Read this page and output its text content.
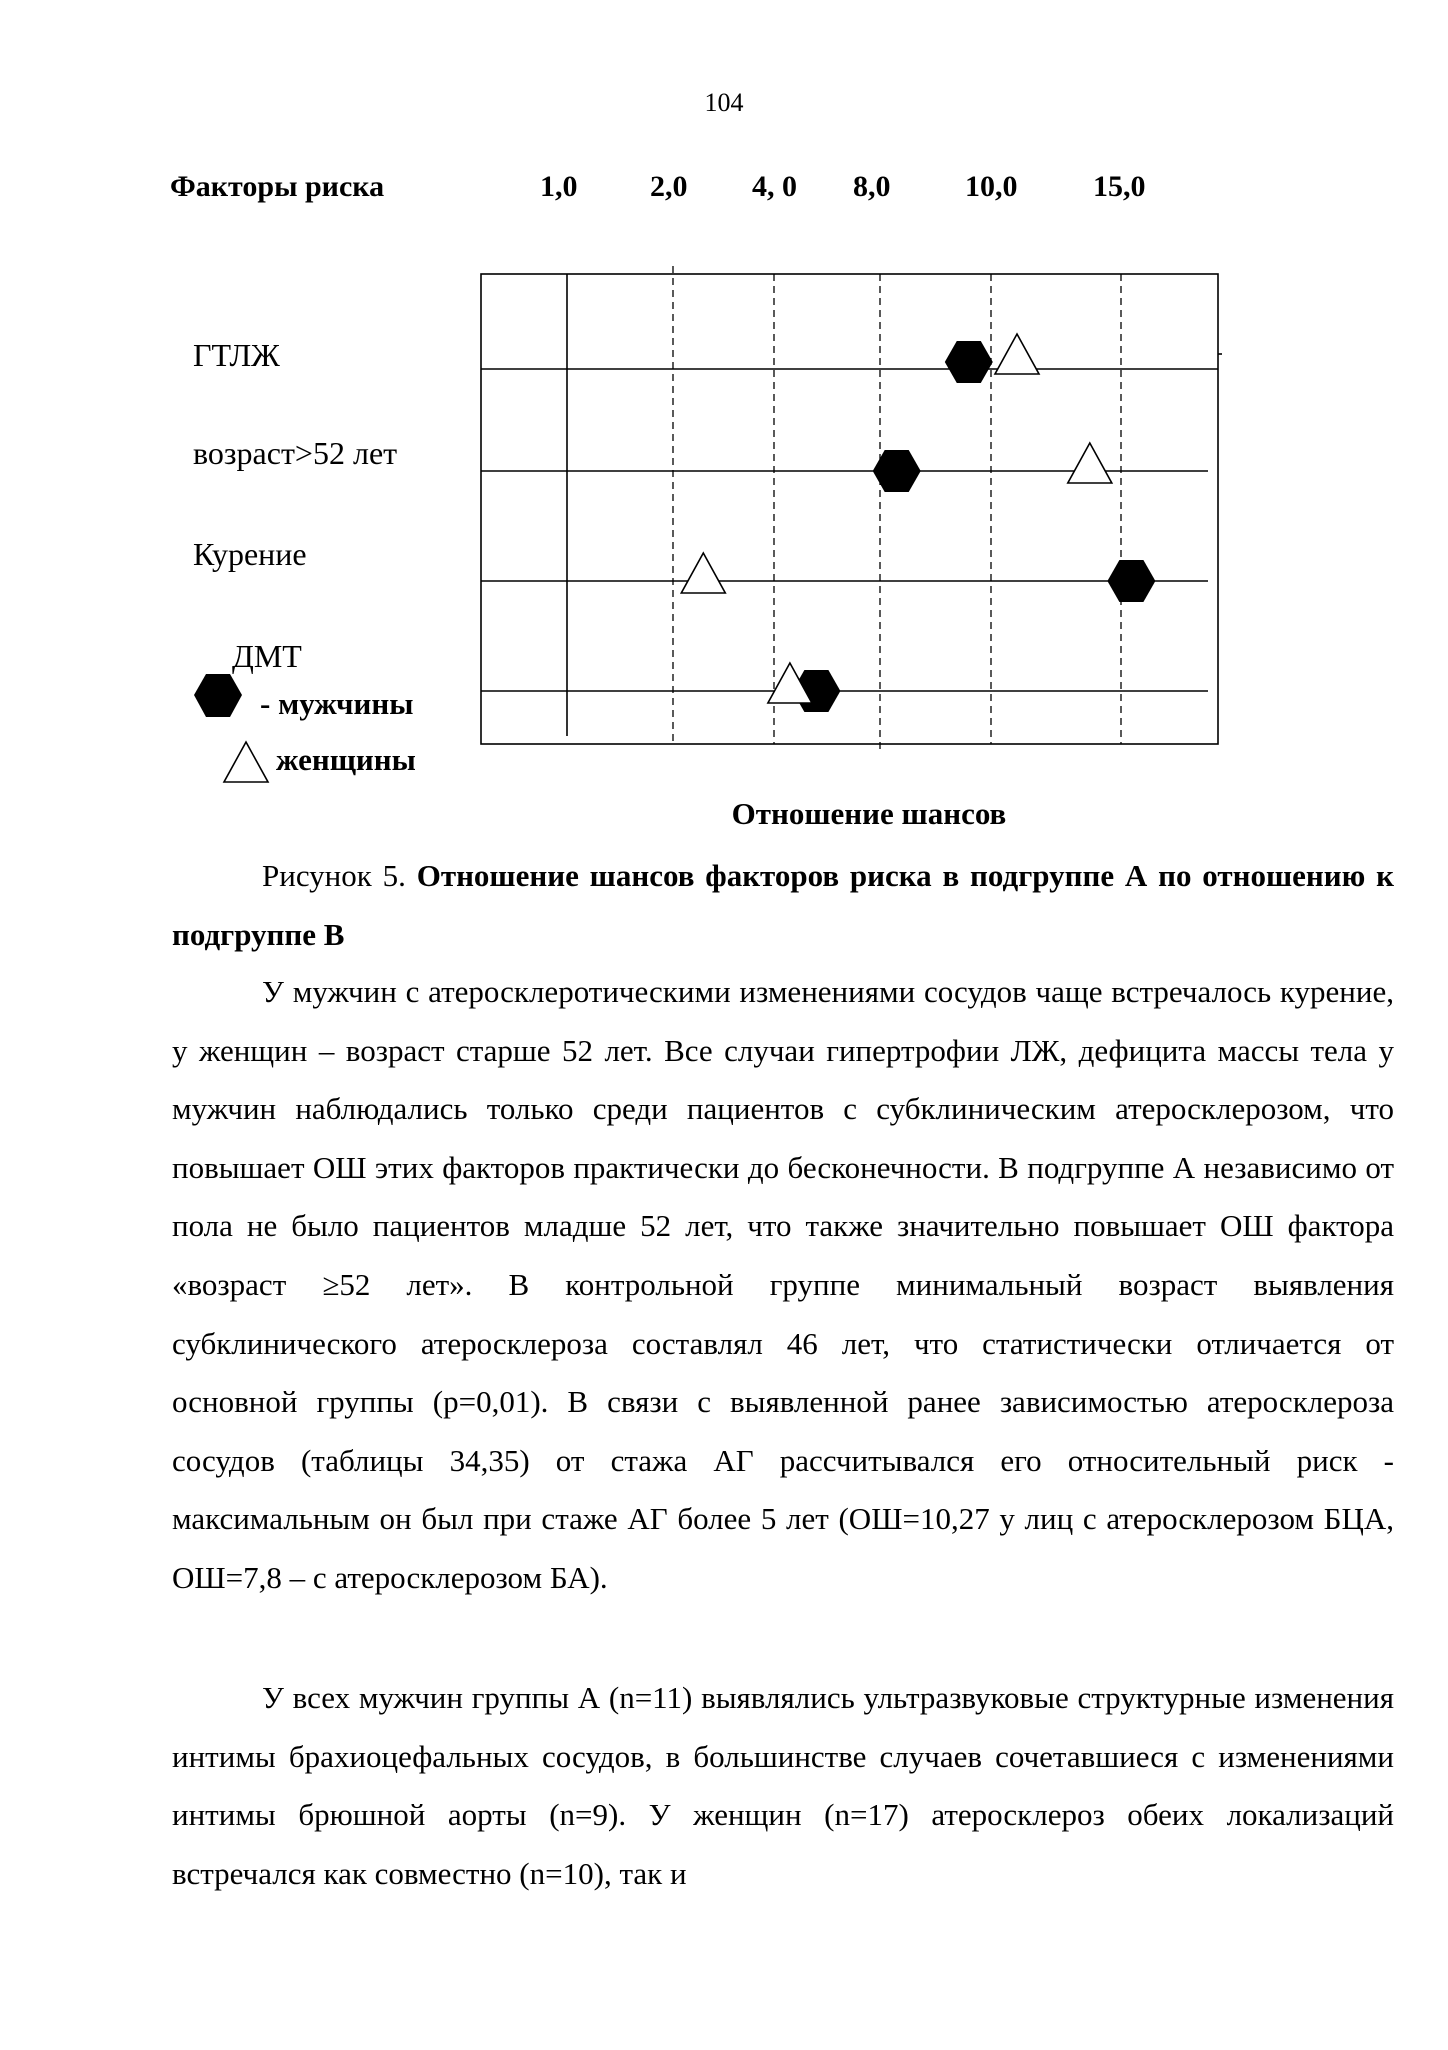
104
Факторы риска	1,0 2,0 4, 0 8,0 10,0	15,0
ГТЛЖ
возраст>52 лет
Курение
ДМТ
- мужчины
женщины
Отношение шансов
Рисунок 5. Отношение шансов факторов риска в подгруппе А по отношению к подгруппе В
У мужчин с атеросклеротическими изменениями сосудов чаще встречалось курение, у женщин – возраст старше 52 лет. Все случаи гипертрофии ЛЖ, дефицита массы тела у мужчин наблюдались только среди пациентов с субклиническим атеросклерозом, что повышает ОШ этих факторов практически до бесконечности. В подгруппе А независимо от пола не было пациентов младше 52 лет, что также значительно повышает ОШ фактора «возраст ≥52 лет». В контрольной группе минимальный возраст выявления субклинического атеросклероза составлял 46 лет, что статистически отличается от основной группы (р=0,01). В связи с выявленной ранее зависимостью атеросклероза сосудов (таблицы 34,35) от стажа АГ рассчитывался его относительный риск - максимальным он был при стаже АГ более 5 лет (ОШ=10,27 у лиц с атеросклерозом БЦА, ОШ=7,8 – с атеросклерозом БА).
У всех мужчин группы А (n=11) выявлялись ультразвуковые структурные изменения интимы брахиоцефальных сосудов, в большинстве случаев сочетавшиеся с изменениями интимы брюшной аорты (n=9). У женщин (n=17) атеросклероз обеих локализаций встречался как совместно (n=10), так и
